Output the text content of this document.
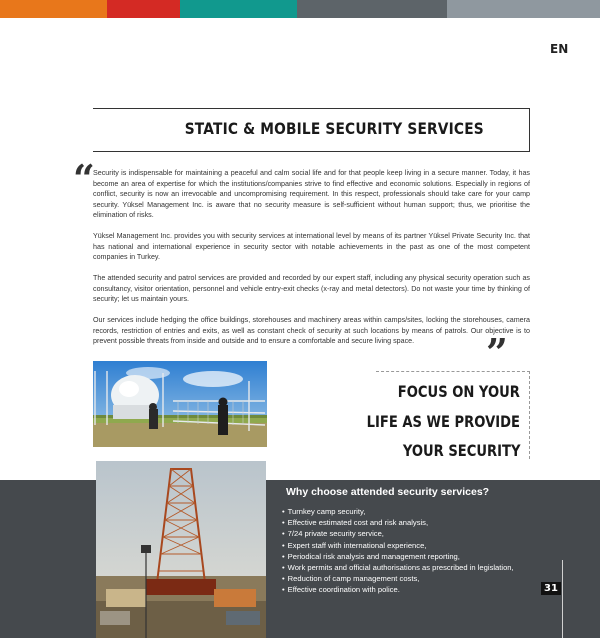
EN
STATIC & MOBILE SECURITY SERVICES
“

Security is indispensable for maintaining a peaceful and calm social life and for that people keep living in a secure manner. Today, it has become an area of expertise for which the institutions/companies strive to find effective and economic solutions. Especially in regions of conflict, security is now an irrevocable and uncompromising requirement. In this respect, professionals should take care for your camp security. Yüksel Management Inc. is aware that no security measure is self-sufficient without human support; thus, we prioritise the elimination of risks.

Yüksel Management Inc. provides you with security services at international level by means of its partner Yüksel Private Security Inc. that has national and international experience in security sector with notable achievements in the past as one of the most competent companies in Turkey.

The attended security and patrol services are provided and recorded by our expert staff, including any physical security operation such as consultancy, visitor orientation, personnel and vehicle entry-exit checks (x-ray and metal detectors). Do not waste your time by thinking of security; let us maintain yours.

Our services include hedging the office buildings, storehouses and machinery areas within camps/sites, locking the storehouses, camera records, restriction of entries and exits, as well as constant check of security at such locations by means of patrols. Our objective is to prevent possible threats from inside and outside and to ensure a comfortable and secure living space.	”
FOCUS ON YOUR
LIFE AS WE PROVIDE
YOUR SECURITY
Why choose attended security services?
• Turnkey camp security,
• Effective estimated cost and risk analysis,
• 7/24 private security service,
• Expert staff with international experience,
• Periodical risk analysis and management reporting,
• Work permits and official authorisations as prescribed in legislation,
• Reduction of camp management costs,
• Effective coordination with police.	31
